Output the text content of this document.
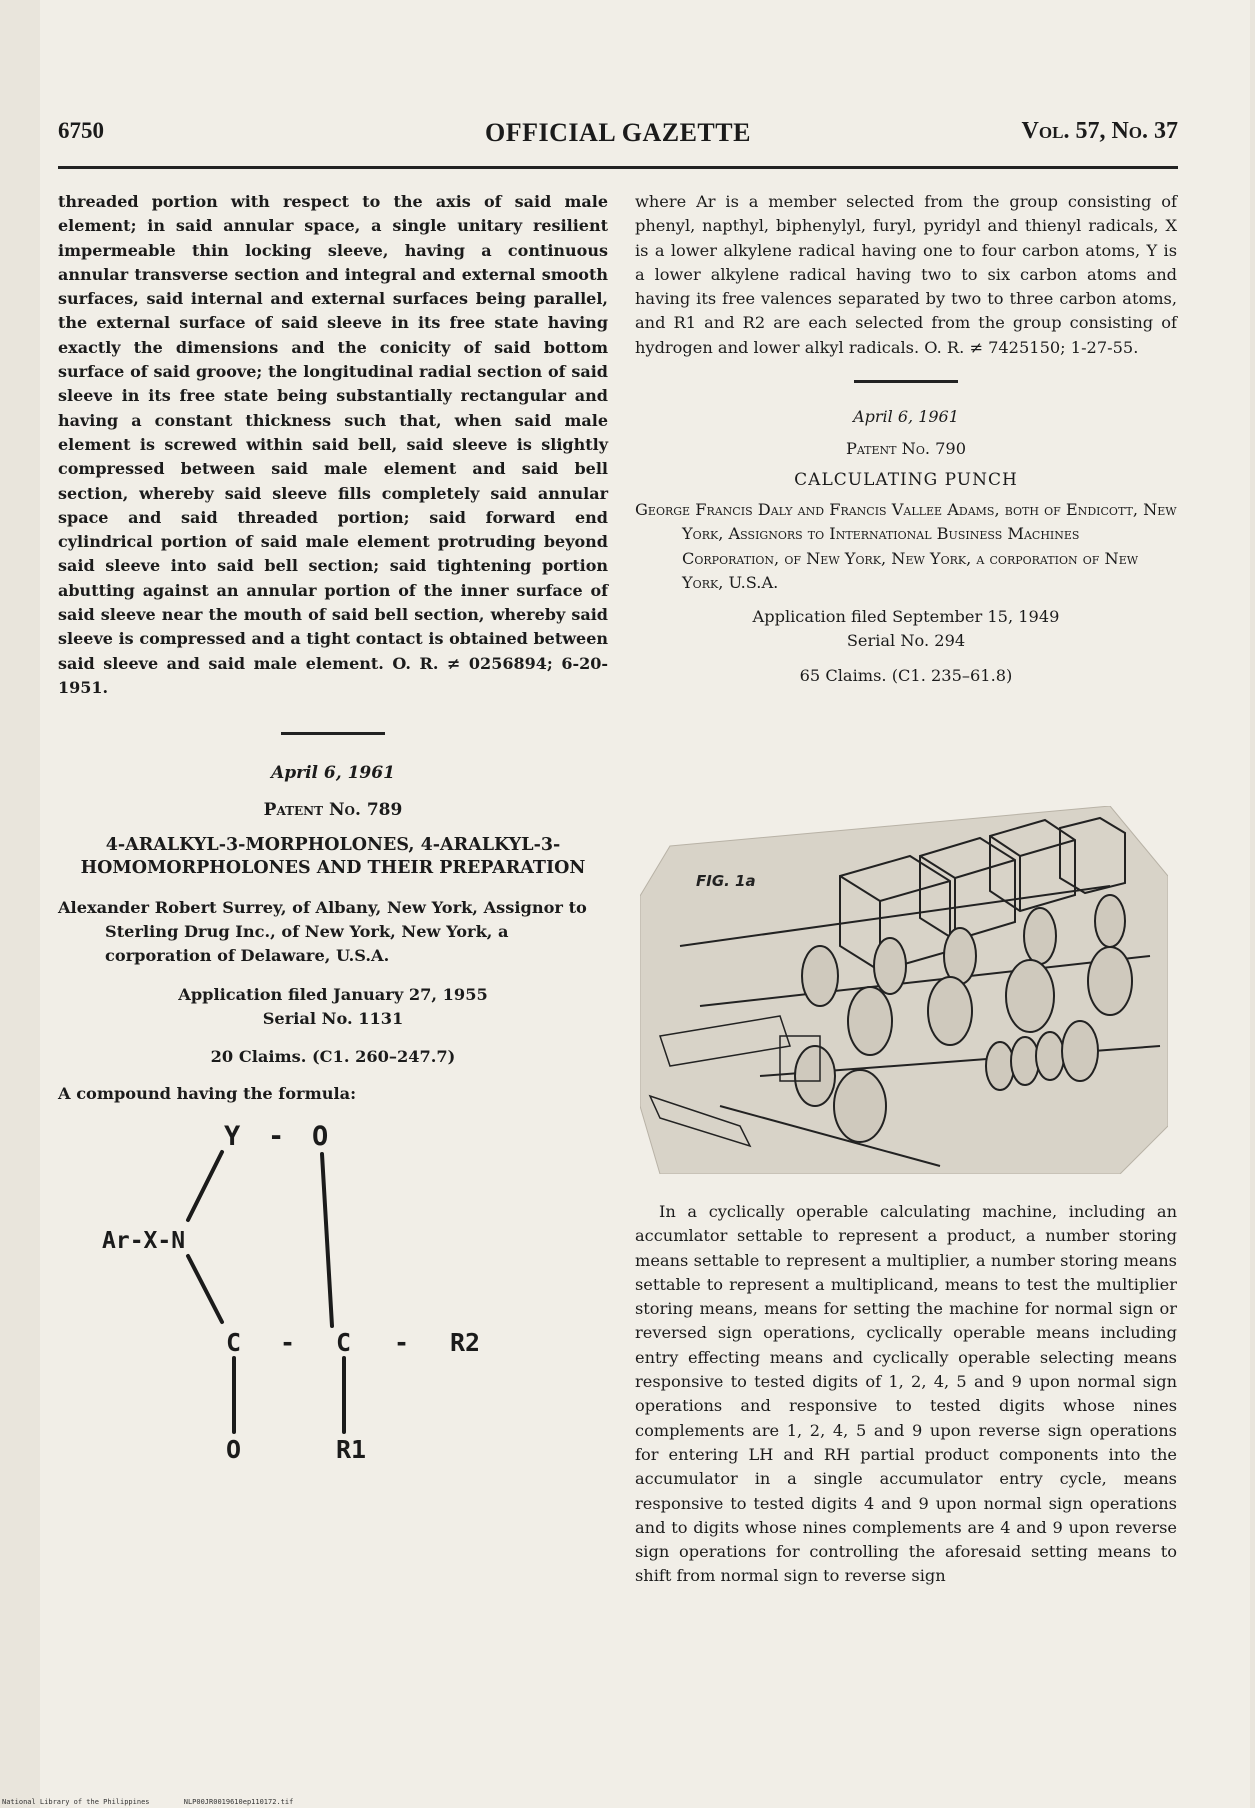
6750	OFFICIAL GAZETTE	Vol. 57, No. 37

threaded portion with respect to the axis of said male element; in said annular space, a single unitary resilient impermeable thin locking sleeve, having a continuous annular transverse section and integral and external smooth surfaces, said internal and external surfaces being parallel, the external surface of said sleeve in its free state having exactly the dimensions and the conicity of said bottom surface of said groove; the longitudinal radial section of said sleeve in its free state being substantially rectangular and having a constant thickness such that, when said male element is screwed within said bell, said sleeve is slightly compressed between said male element and said bell section, whereby said sleeve fills completely said annular space and said threaded portion; said forward end cylindrical portion of said male element protruding beyond said sleeve into said bell section; said tightening portion abutting against an annular portion of the inner surface of said sleeve near the mouth of said bell section, whereby said sleeve is compressed and a tight contact is obtained between said sleeve and said male element. O. R. ≠ 0256894; 6-20-1951.

April 6, 1961

Patent No. 789

4-ARALKYL-3-MORPHOLONES, 4-ARALKYL-3-HOMOMORPHOLONES AND THEIR PREPARATION

Alexander Robert Surrey, of Albany, New York, Assignor to Sterling Drug Inc., of New York, New York, a corporation of Delaware, U.S.A.

Application filed January 27, 1955

Serial No. 1131

20 Claims. (C1. 260–247.7)

A compound having the formula:

Y - O
Ar-X-N
C - C - R2
O	R1

where Ar is a member selected from the group consisting of phenyl, napthyl, biphenylyl, furyl, pyridyl and thienyl radicals, X is a lower alkylene radical having one to four carbon atoms, Y is a lower alkylene radical having two to six carbon atoms and having its free valences separated by two to three carbon atoms, and R1 and R2 are each selected from the group consisting of hydrogen and lower alkyl radicals. O. R. ≠ 7425150; 1-27-55.

April 6, 1961

Patent No. 790

CALCULATING PUNCH

George Francis Daly and Francis Vallee Adams, both of Endicott, New York, Assignors to International Business Machines Corporation, of New York, New York, a corporation of New York, U.S.A.

Application filed September 15, 1949

Serial No. 294

65 Claims. (C1. 235–61.8)

FIG. 1a

In a cyclically operable calculating machine, including an accumlator settable to represent a product, a number storing means settable to represent a multiplier, a number storing means settable to represent a multiplicand, means to test the multiplier storing means, means for setting the machine for normal sign or reversed sign operations, cyclically operable means including entry effecting means and cyclically operable selecting means responsive to tested digits of 1, 2, 4, 5 and 9 upon normal sign operations and responsive to tested digits whose nines complements are 1, 2, 4, 5 and 9 upon reverse sign operations for entering LH and RH partial product components into the accumulator in a single accumulator entry cycle, means responsive to tested digits 4 and 9 upon normal sign operations and to digits whose nines complements are 4 and 9 upon reverse sign operations for controlling the aforesaid setting means to shift from normal sign to reverse sign

National Library of the Philippines	NLP00JR0019610ep110172.tif
